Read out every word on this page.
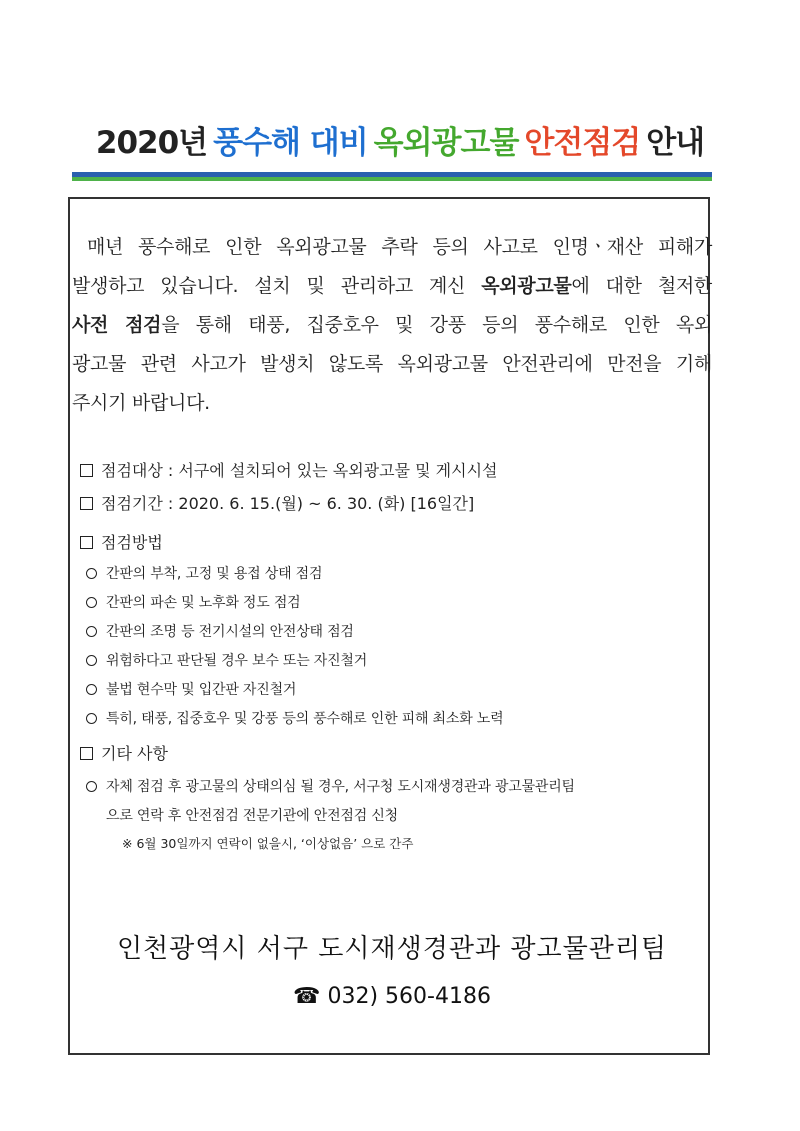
2020년 풍수해 대비 옥외광고물 안전점검 안내

매년 풍수해로 인한 옥외광고물 추락 등의 사고로 인명ㆍ재산 피해가

발생하고 있습니다. 설치 및 관리하고 계신 옥외광고물에 대한 철저한

사전 점검을 통해 태풍, 집중호우 및 강풍 등의 풍수해로 인한 옥외

광고물 관련 사고가 발생치 않도록 옥외광고물 안전관리에 만전을 기해

주시기 바랍니다.

점검대상 : 서구에 설치되어 있는 옥외광고물 및 게시시설
점검기간 : 2020. 6. 15.(월) ~ 6. 30. (화) [16일간]
점검방법
간판의 부착, 고정 및 용접 상태 점검
간판의 파손 및 노후화 정도 점검
간판의 조명 등 전기시설의 안전상태 점검
위험하다고 판단될 경우 보수 또는 자진철거
불법 현수막 및 입간판 자진철거
특히, 태풍, 집중호우 및 강풍 등의 풍수해로 인한 피해 최소화 노력
기타 사항
자체 점검 후 광고물의 상태의심 될 경우, 서구청 도시재생경관과 광고물관리팀
으로 연락 후 안전점검 전문기관에 안전점검 신청
※ 6월 30일까지 연락이 없을시, ‘이상없음’ 으로 간주
인천광역시 서구 도시재생경관과 광고물관리팀
☎ 032) 560-4186
